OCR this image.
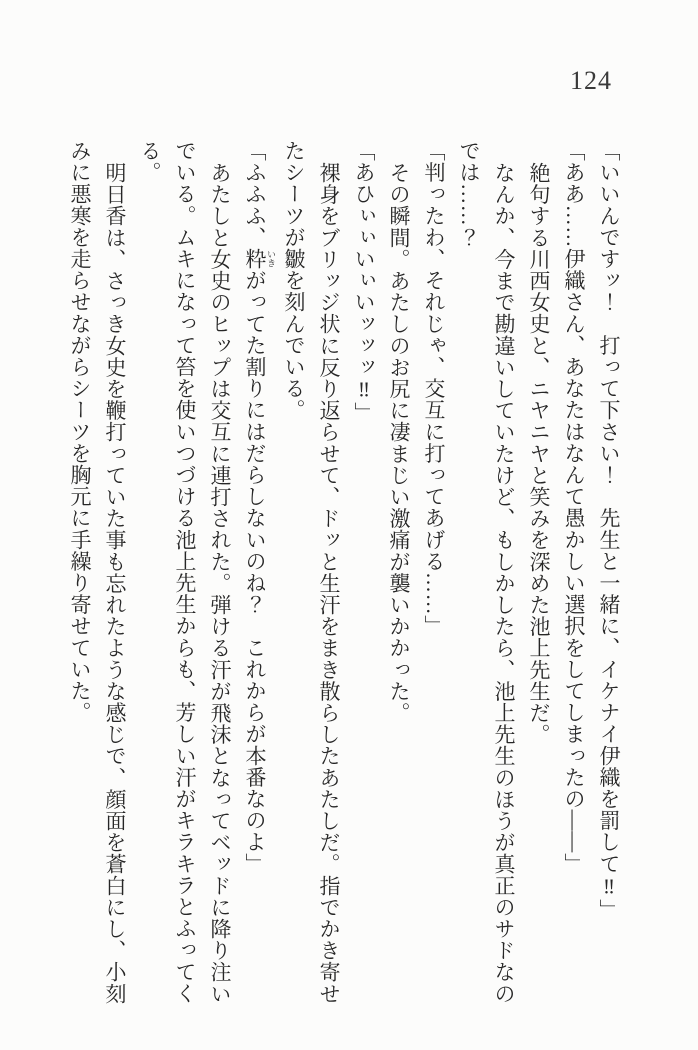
124

「いいんですッ！　打って下さい！　先生と一緒に、イケナイ伊織を罰して‼」

「ああ……伊織さん、あなたはなんて愚かしい選択をしてしまったの――」

絶句する川西女史と、ニヤニヤと笑みを深めた池上先生だ。

なんか、今まで勘違いしていたけど、もしかしたら、池上先生のほうが真正のサドなのでは……？

「判ったわ、それじゃ、交互に打ってあげる……」

その瞬間。あたしのお尻に凄まじい激痛が襲いかかった。

「あひぃぃいぃいッッッ‼」

裸身をブリッジ状に反り返らせて、ドッと生汗をまき散らしたあたしだ。指でかき寄せたシーツが皺を刻んでいる。

「ふふふ、粋 いきがってた割りにはだらしないのね？　これからが本番なのよ」

あたしと女史のヒップは交互に連打された。弾ける汗が飛沫となってベッドに降り注いでいる。ムキになって笞を使いつづける池上先生からも、芳しい汗がキラキラとふってくる。

明日香は、さっき女史を鞭打っていた事も忘れたような感じで、顔面を蒼白にし、小刻みに悪寒を走らせながらシーツを胸元に手繰り寄せていた。
